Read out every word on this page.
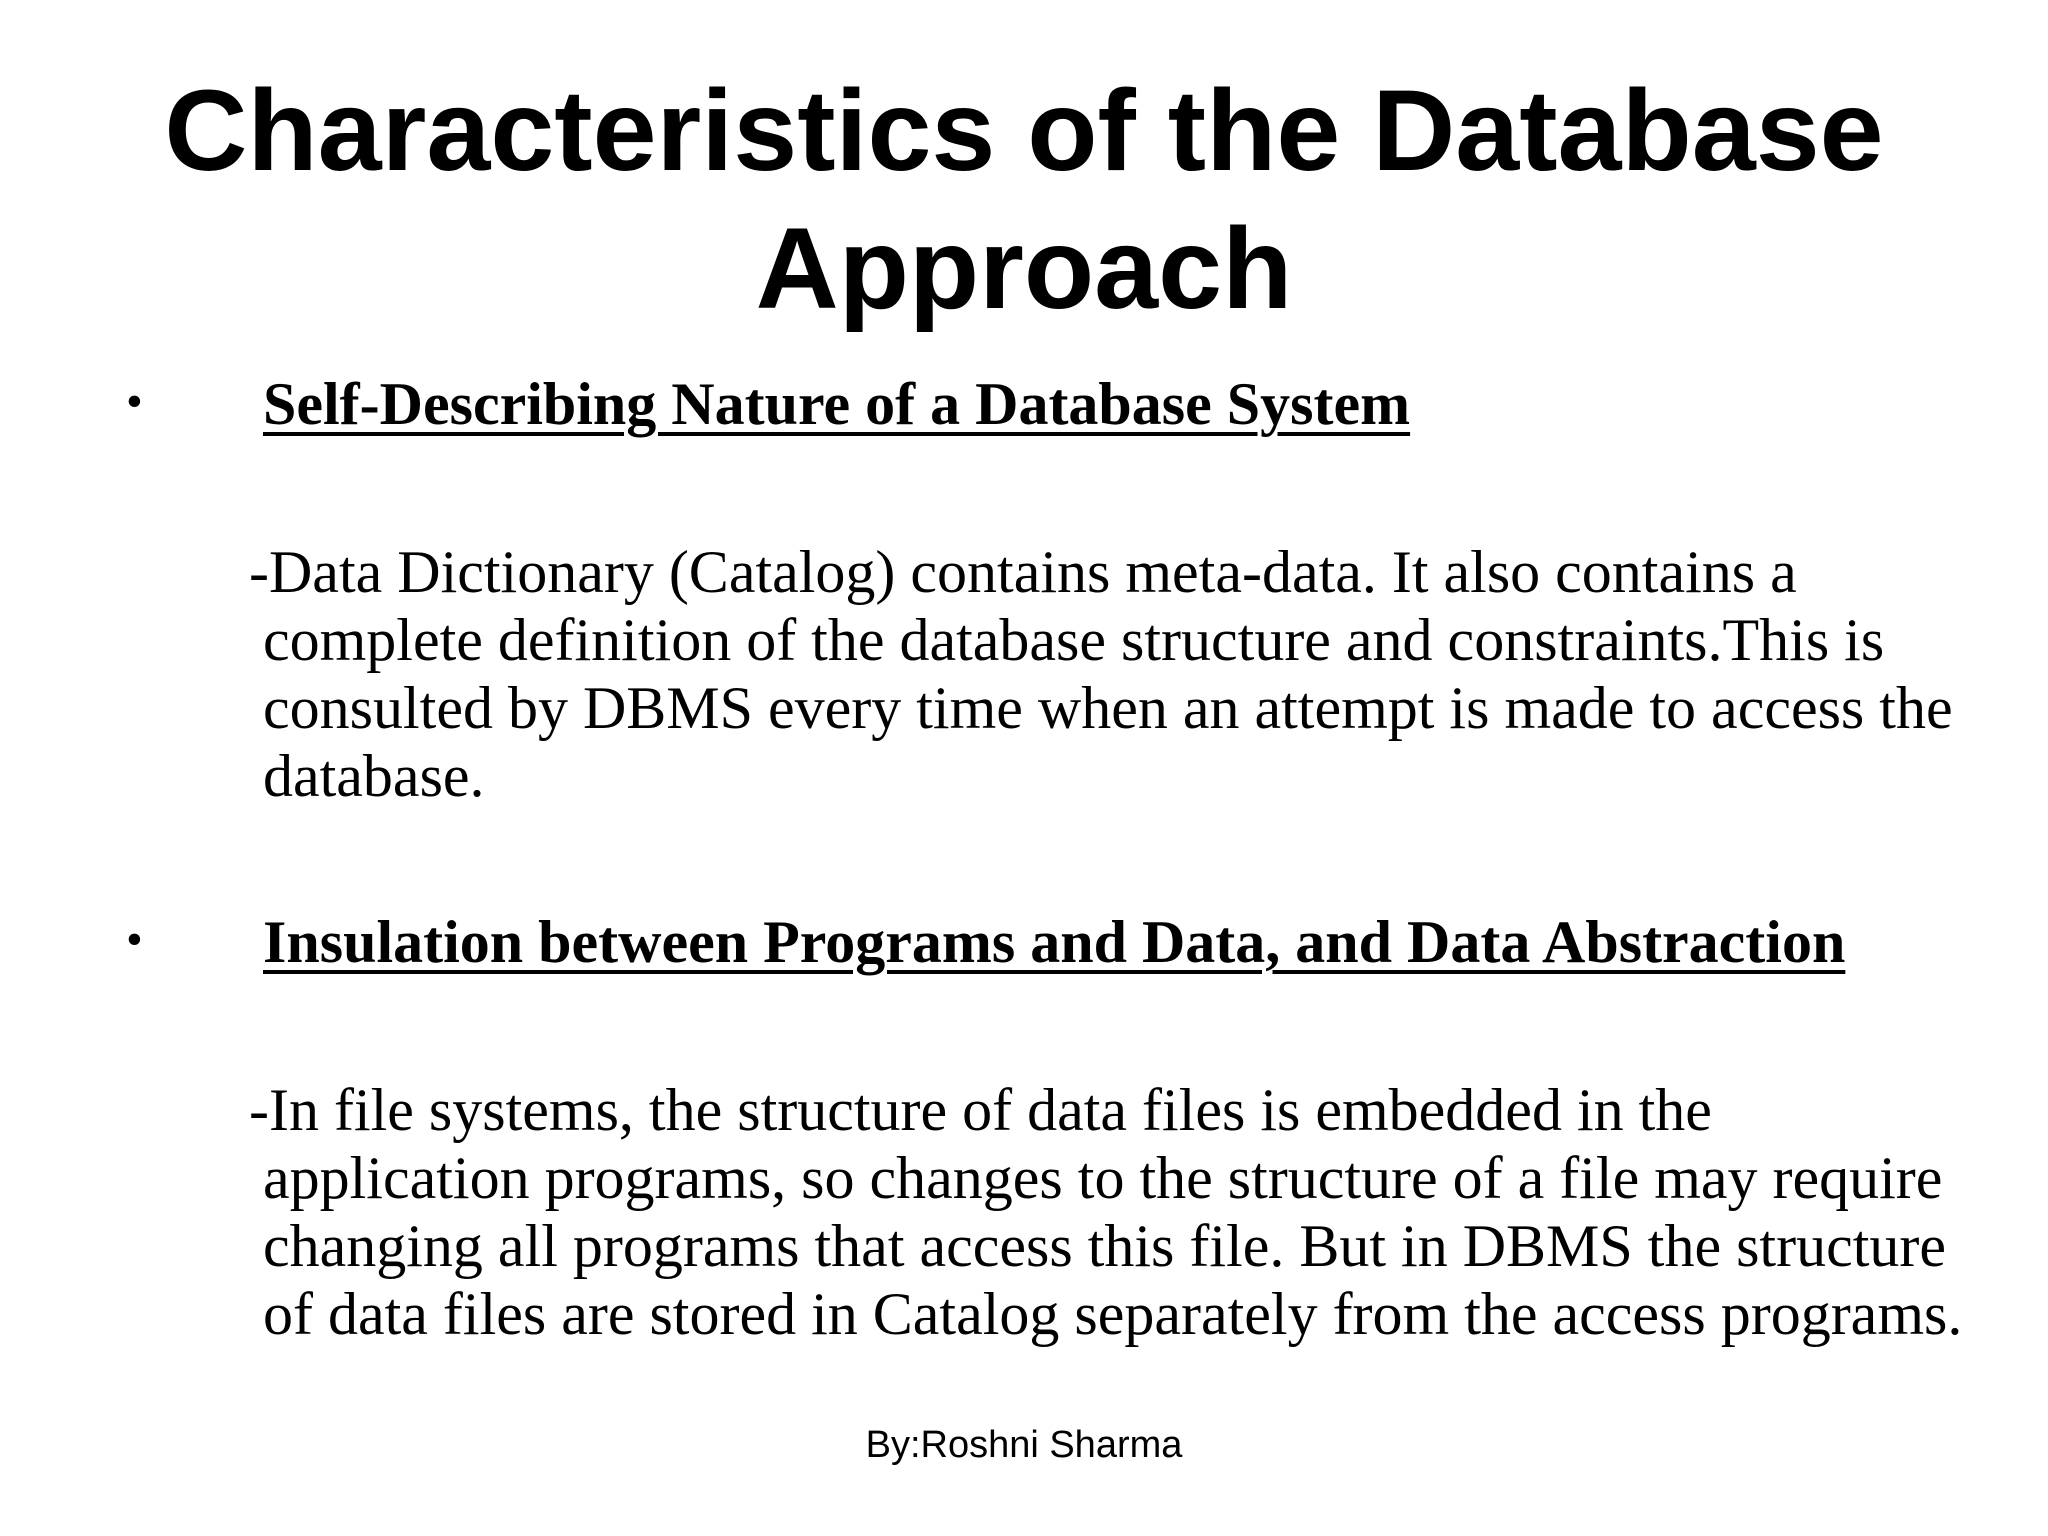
Characteristics of the Database Approach
• Self-Describing Nature of a Database System
-Data Dictionary (Catalog) contains meta-data. It also contains a complete definition of the database structure and constraints.This is consulted by DBMS every time when an attempt is made to access the database.
• Insulation between Programs and Data, and Data Abstraction
-In file systems, the structure of data files is embedded in the application programs, so changes to the structure of a file may require changing all programs that access this file. But in DBMS the structure of data files are stored in Catalog separately from the access programs.
By:Roshni Sharma
